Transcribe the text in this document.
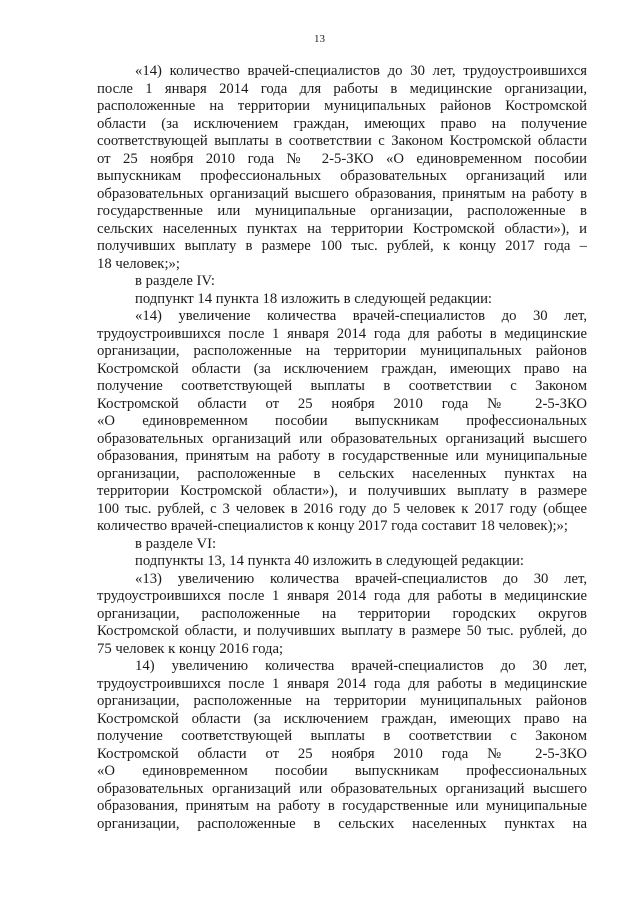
13
«14) количество врачей-специалистов до 30 лет, трудоустроившихся
после 1 января 2014 года для работы в медицинские организации,
расположенные на территории муниципальных районов Костромской
области (за исключением граждан, имеющих право на получение
соответствующей выплаты в соответствии с Законом Костромской области
от 25 ноября 2010 года № 2-5-ЗКО «О единовременном пособии
выпускникам профессиональных образовательных организаций или
образовательных организаций высшего образования, принятым на работу в
государственные или муниципальные организации, расположенные в
сельских населенных пунктах на территории Костромской области»), и
получивших выплату в размере 100 тыс. рублей, к концу 2017 года –
18 человек;»;
в разделе IV:
подпункт 14 пункта 18 изложить в следующей редакции:
«14) увеличение количества врачей-специалистов до 30 лет,
трудоустроившихся после 1 января 2014 года для работы в медицинские
организации, расположенные на территории муниципальных районов
Костромской области (за исключением граждан, имеющих право на
получение соответствующей выплаты в соответствии с Законом
Костромской области от 25 ноября 2010 года № 2-5-ЗКО
«О единовременном пособии выпускникам профессиональных
образовательных организаций или образовательных организаций высшего
образования, принятым на работу в государственные или муниципальные
организации, расположенные в сельских населенных пунктах на
территории Костромской области»), и получивших выплату в размере
100 тыс. рублей, с 3 человек в 2016 году до 5 человек к 2017 году (общее
количество врачей-специалистов к концу 2017 года составит 18 человек);»;
в разделе VI:
подпункты 13, 14 пункта 40 изложить в следующей редакции:
«13) увеличению количества врачей-специалистов до 30 лет,
трудоустроившихся после 1 января 2014 года для работы в медицинские
организации, расположенные на территории городских округов
Костромской области, и получивших выплату в размере 50 тыс. рублей, до
75 человек к концу 2016 года;
14) увеличению количества врачей-специалистов до 30 лет,
трудоустроившихся после 1 января 2014 года для работы в медицинские
организации, расположенные на территории муниципальных районов
Костромской области (за исключением граждан, имеющих право на
получение соответствующей выплаты в соответствии с Законом
Костромской области от 25 ноября 2010 года № 2-5-ЗКО
«О единовременном пособии выпускникам профессиональных
образовательных организаций или образовательных организаций высшего
образования, принятым на работу в государственные или муниципальные
организации, расположенные в сельских населенных пунктах на
